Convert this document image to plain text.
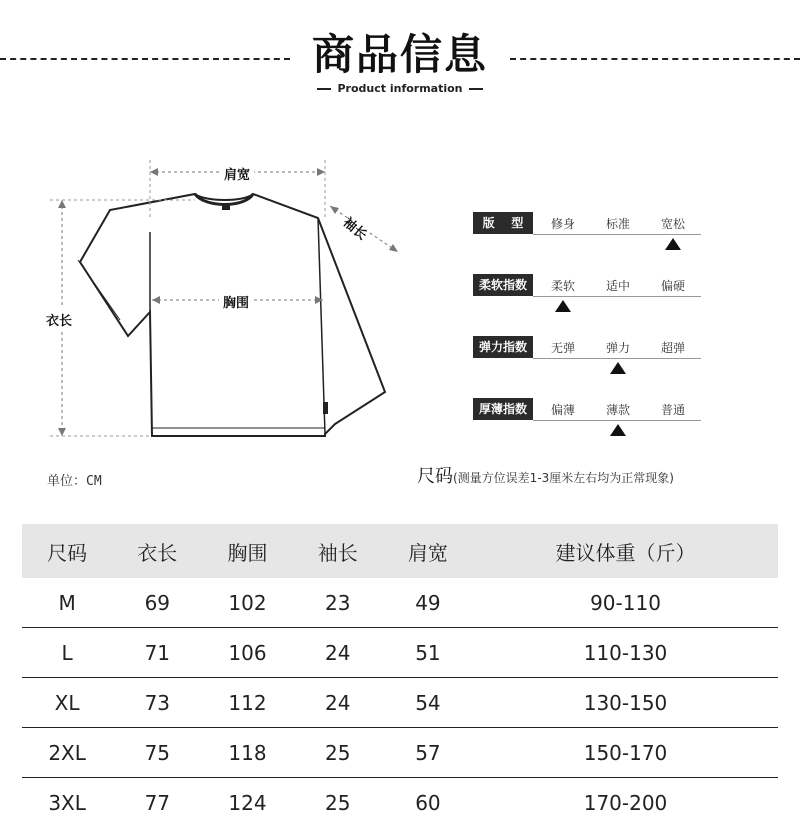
商品信息
Product information
肩宽
胸围
衣长
袖长	版    型	修身	标准	宽松
柔软指数	柔软	适中	偏硬
弹力指数	无弹	弹力	超弹
厚薄指数	偏薄	薄款	普通
单位：CM	尺码(测量方位误差1-3厘米左右均为正常现象)
尺码	衣长	胸围	袖长	肩宽	建议体重（斤）
M	69	102	23	49	90-110
L	71	106	24	51	110-130
XL	73	112	24	54	130-150
2XL	75	118	25	57	150-170
3XL	77	124	25	60	170-200
